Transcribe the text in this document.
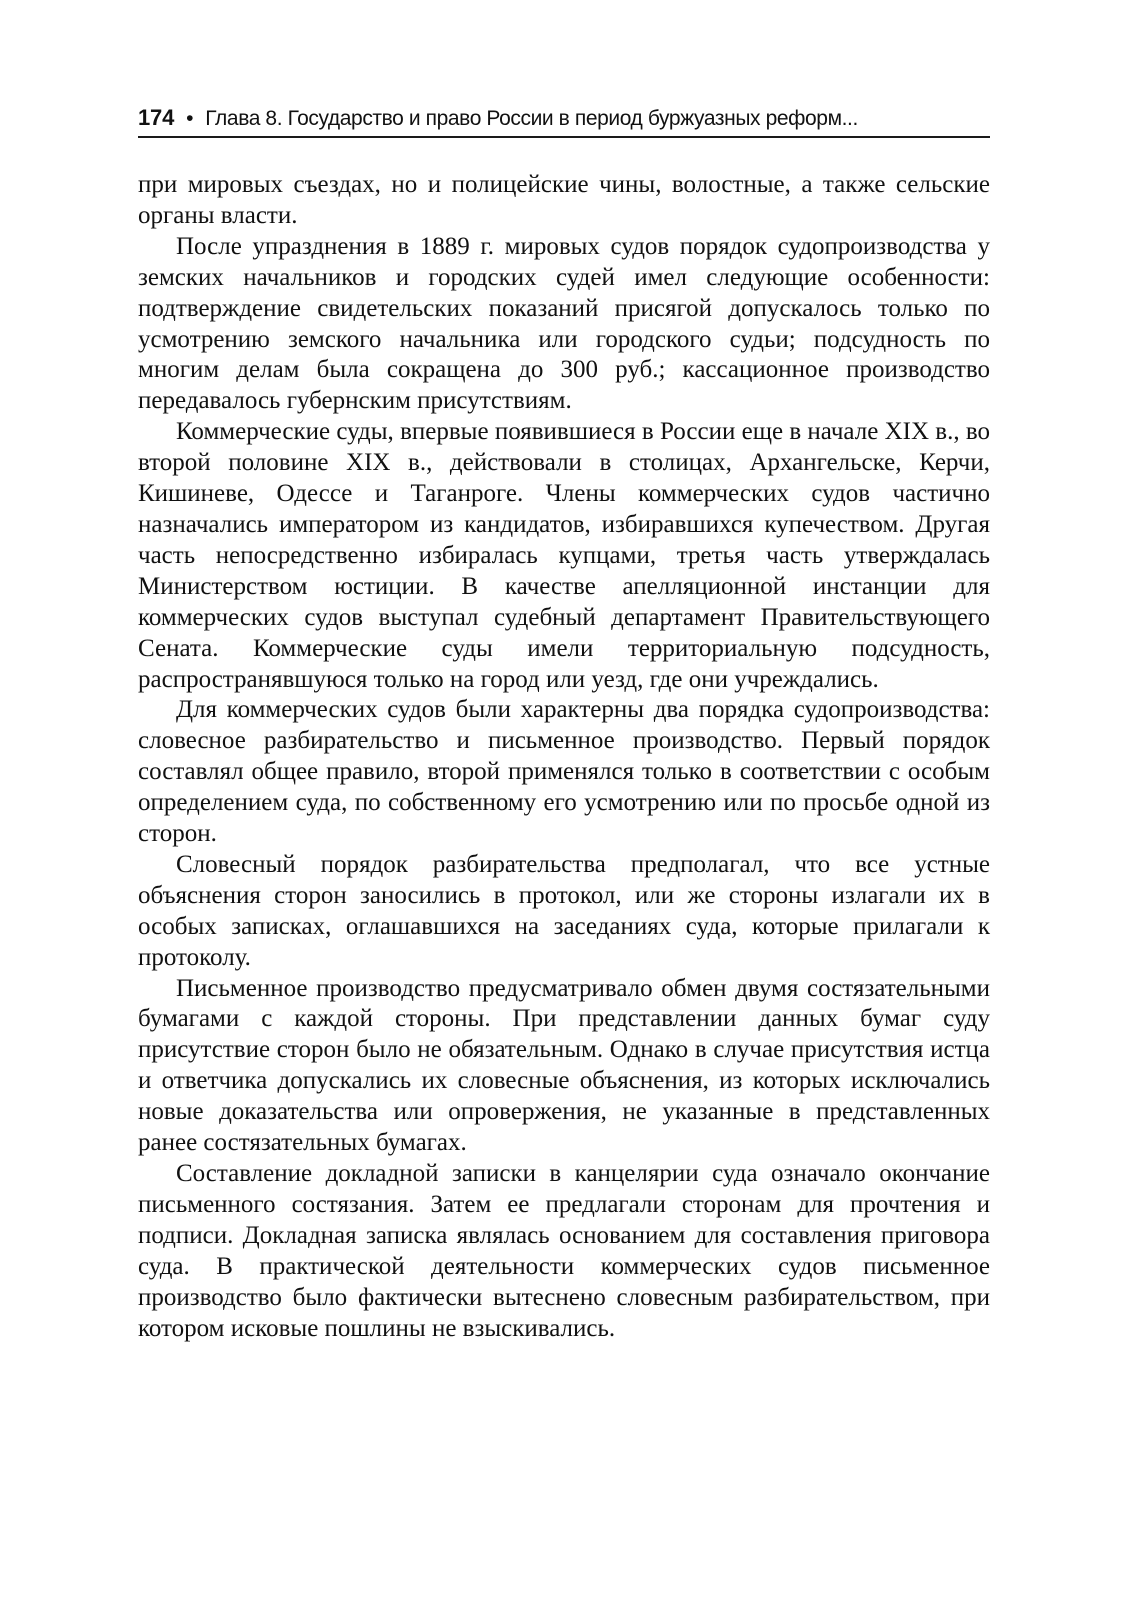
174 • Глава 8. Государство и право России в период буржуазных реформ...

при мировых съездах, но и полицейские чины, волостные, а также сельские органы власти.

После упразднения в 1889 г. мировых судов порядок судопроизводства у земских начальников и городских судей имел следующие особенности: подтверждение свидетельских показаний присягой допускалось только по усмотрению земского начальника или городского судьи; подсудность по многим делам была сокращена до 300 руб.; кассационное производство передавалось губернским присутствиям.

Коммерческие суды, впервые появившиеся в России еще в начале XIX в., во второй половине XIX в., действовали в столицах, Архангельске, Керчи, Кишиневе, Одессе и Таганроге. Члены коммерческих судов частично назначались императором из кандидатов, избиравшихся купечеством. Другая часть непосредственно избиралась купцами, третья часть утверждалась Министерством юстиции. В качестве апелляционной инстанции для коммерческих судов выступал судебный департамент Правительствующего Сената. Коммерческие суды имели территориальную подсудность, распространявшуюся только на город или уезд, где они учреждались.

Для коммерческих судов были характерны два порядка судопроизводства: словесное разбирательство и письменное производство. Первый порядок составлял общее правило, второй применялся только в соответствии с особым определением суда, по собственному его усмотрению или по просьбе одной из сторон.

Словесный порядок разбирательства предполагал, что все устные объяснения сторон заносились в протокол, или же стороны излагали их в особых записках, оглашавшихся на заседаниях суда, которые прилагали к протоколу.

Письменное производство предусматривало обмен двумя состязательными бумагами с каждой стороны. При представлении данных бумаг суду присутствие сторон было не обязательным. Однако в случае присутствия истца и ответчика допускались их словесные объяснения, из которых исключались новые доказательства или опровержения, не указанные в представленных ранее состязательных бумагах.

Составление докладной записки в канцелярии суда означало окончание письменного состязания. Затем ее предлагали сторонам для прочтения и подписи. Докладная записка являлась основанием для составления приговора суда. В практической деятельности коммерческих судов письменное производство было фактически вытеснено словесным разбирательством, при котором исковые пошлины не взыскивались.
